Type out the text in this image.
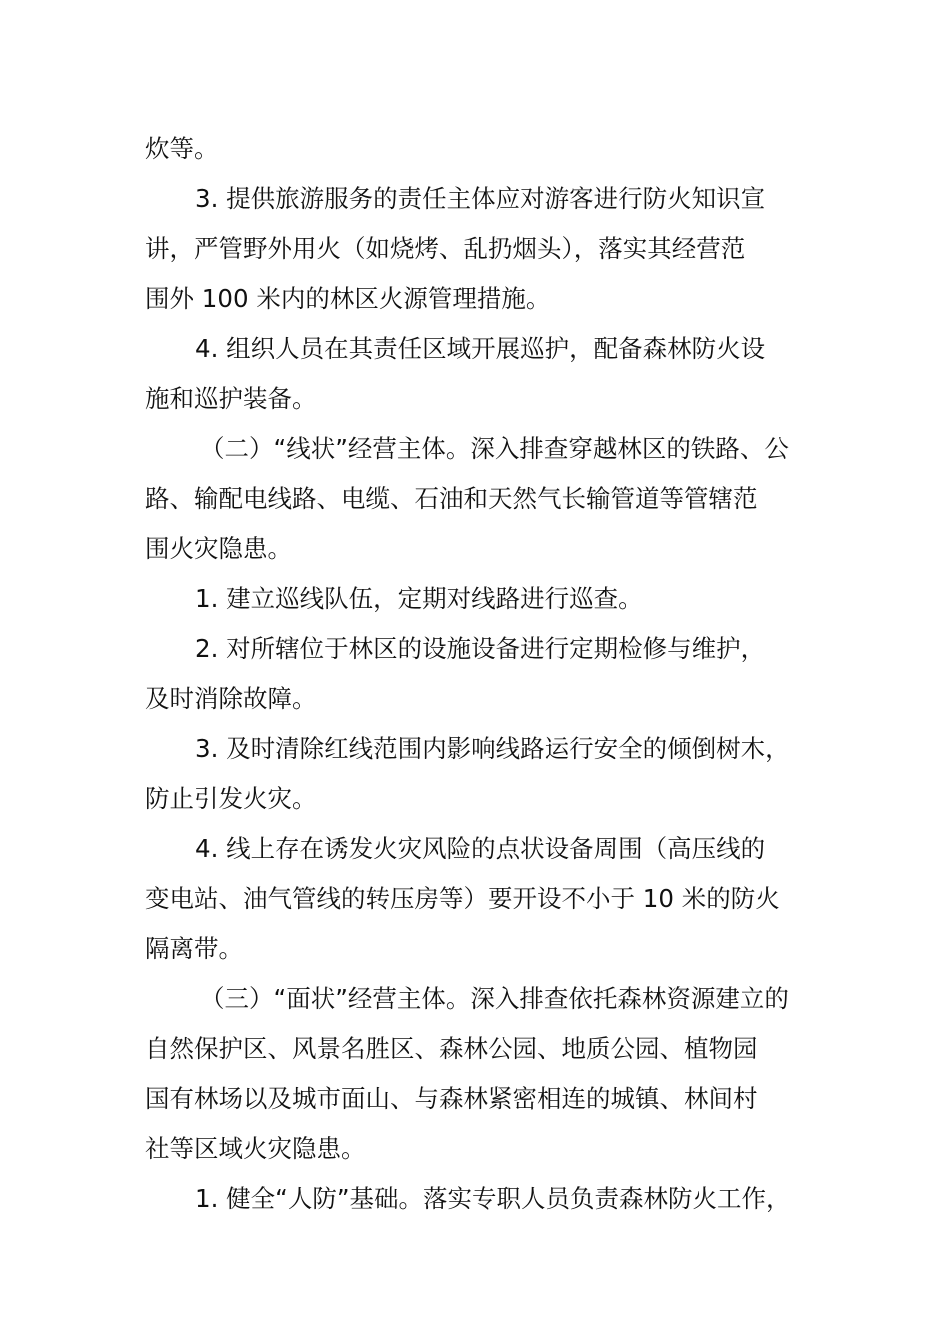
炊等。
3. 提供旅游服务的责任主体应对游客进行防火知识宣
讲，严管野外用火（如烧烤、乱扔烟头），落实其经营范
围外 100 米内的林区火源管理措施。
4. 组织人员在其责任区域开展巡护，配备森林防火设
施和巡护装备。
（二）“线状”经营主体。深入排查穿越林区的铁路、公
路、输配电线路、电缆、石油和天然气长输管道等管辖范
围火灾隐患。
1. 建立巡线队伍，定期对线路进行巡查。
2. 对所辖位于林区的设施设备进行定期检修与维护，
及时消除故障。
3. 及时清除红线范围内影响线路运行安全的倾倒树木，
防止引发火灾。
4. 线上存在诱发火灾风险的点状设备周围（高压线的
变电站、油气管线的转压房等）要开设不小于 10 米的防火
隔离带。
（三）“面状”经营主体。深入排查依托森林资源建立的
自然保护区、风景名胜区、森林公园、地质公园、植物园
国有林场以及城市面山、与森林紧密相连的城镇、林间村
社等区域火灾隐患。
1. 健全“人防”基础。落实专职人员负责森林防火工作，
